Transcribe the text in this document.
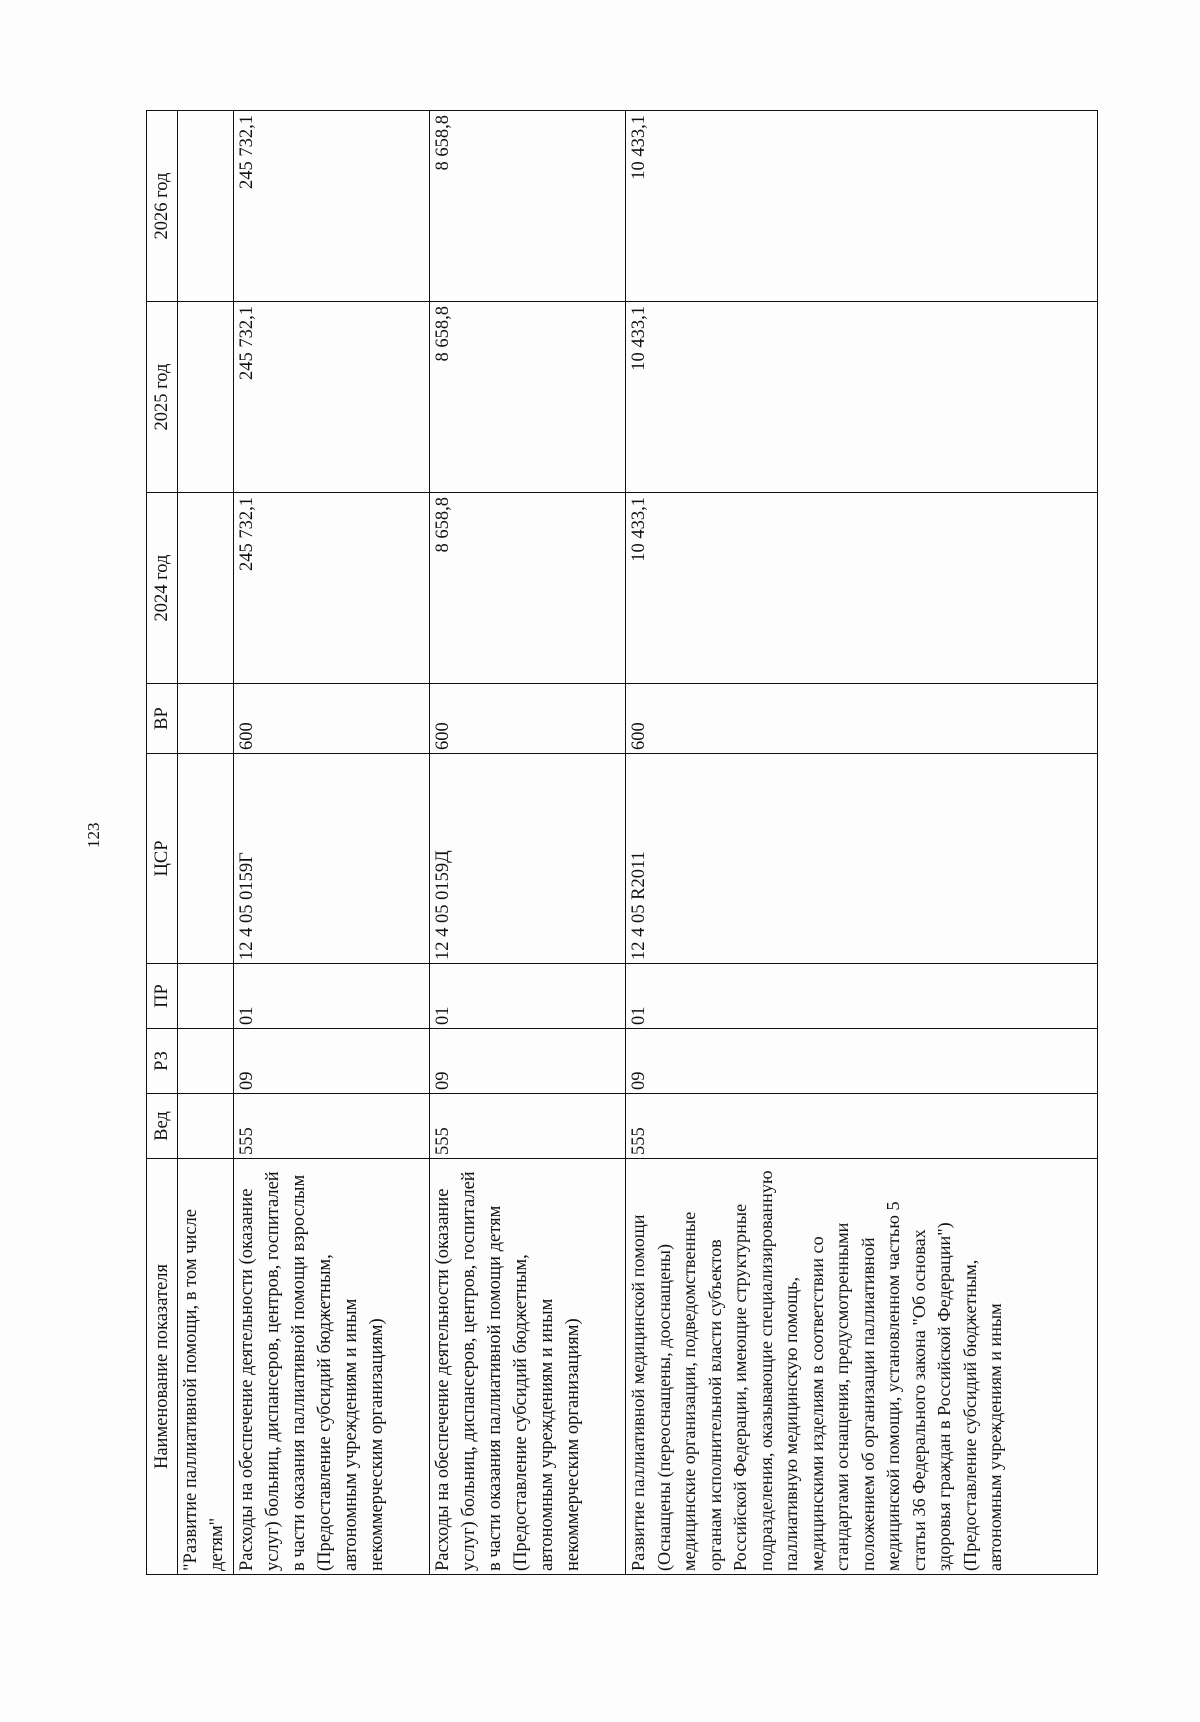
123
Наименование показателя	Вед	РЗ	ПР	ЦСР	ВР	2024 год	2025 год	2026 год
"Развитие паллиативной помощи, в том числе детям"								
Расходы на обеспечение деятельности (оказание услуг) больниц, диспансеров, центров, госпиталей в части оказания паллиативной помощи взрослым (Предоставление субсидий бюджетным, автономным учреждениям и иным некоммерческим организациям)	555	09	01	12 4 05 0159Г	600	245 732,1	245 732,1	245 732,1
Расходы на обеспечение деятельности (оказание услуг) больниц, диспансеров, центров, госпиталей в части оказания паллиативной помощи детям (Предоставление субсидий бюджетным, автономным учреждениям и иным некоммерческим организациям)	555	09	01	12 4 05 0159Д	600	8 658,8	8 658,8	8 658,8
Развитие паллиативной медицинской помощи (Оснащены (переоснащены, дооснащены) медицинские организации, подведомственные органам исполнительной власти субъектов Российской Федерации, имеющие структурные подразделения, оказывающие специализированную паллиативную медицинскую помощь, медицинскими изделиям в соответствии со стандартами оснащения, предусмотренными положением об организации паллиативной медицинской помощи, установленном частью 5 статьи 36 Федерального закона "Об основах здоровья граждан в Российской Федерации") (Предоставление субсидий бюджетным, автономным учреждениям и иным	555	09	01	12 4 05 R2011	600	10 433,1	10 433,1	10 433,1
